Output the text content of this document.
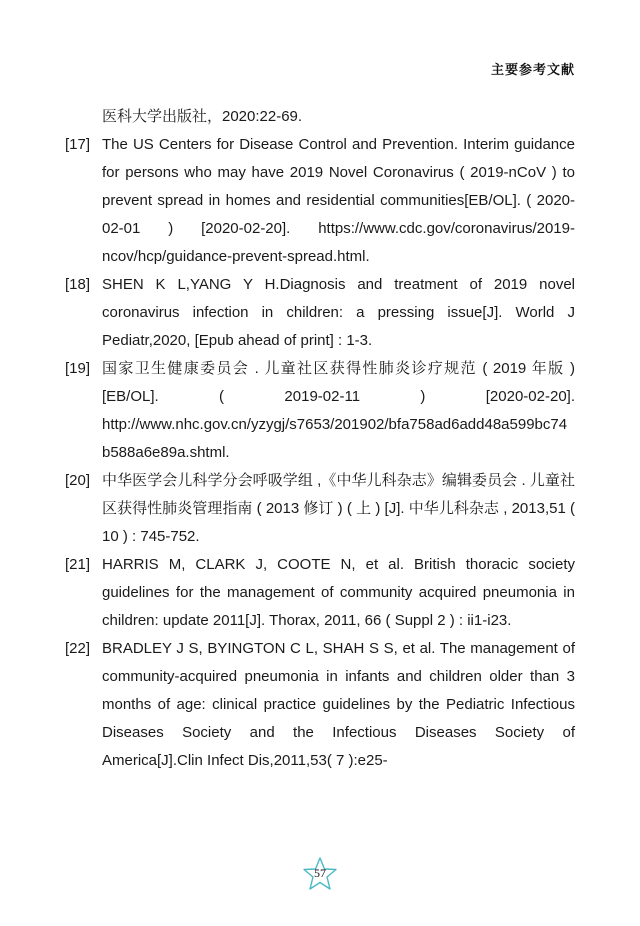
主要参考文献
医科大学出版社，2020:22-69.
[17] The US Centers for Disease Control and Prevention. Interim guidance for persons who may have 2019 Novel Coronavirus ( 2019-nCoV ) to prevent spread in homes and residential communities[EB/OL]. ( 2020-02-01 ) [2020-02-20]. https://www.cdc.gov/coronavirus/2019-ncov/hcp/guidance-prevent-spread.html.
[18] SHEN K L,YANG Y H.Diagnosis and treatment of 2019 novel coronavirus infection in children: a pressing issue[J]. World J Pediatr,2020, [Epub ahead of print] : 1-3.
[19] 国家卫生健康委员会 . 儿童社区获得性肺炎诊疗规范 ( 2019 年版 ) [EB/OL]. ( 2019-02-11 ) [2020-02-20]. http://www.nhc.gov.cn/yzygj/s7653/201902/bfa758ad6add48a599bc74b588a6e89a.shtml.
[20] 中华医学会儿科学分会呼吸学组 ,《中华儿科杂志》编辑委员会 . 儿童社区获得性肺炎管理指南 ( 2013 修订 ) ( 上 ) [J]. 中华儿科杂志 , 2013,51 ( 10 ) : 745-752.
[21] HARRIS M, CLARK J, COOTE N, et al. British thoracic society guidelines for the management of community acquired pneumonia in children: update 2011[J]. Thorax, 2011, 66 ( Suppl 2 ) : ii1-i23.
[22] BRADLEY J S, BYINGTON C L, SHAH S S, et al. The management of community-acquired pneumonia in infants and children older than 3 months of age: clinical practice guidelines by the Pediatric Infectious Diseases Society and the Infectious Diseases Society of America[J].Clin Infect Dis,2011,53( 7 ):e25-
57
